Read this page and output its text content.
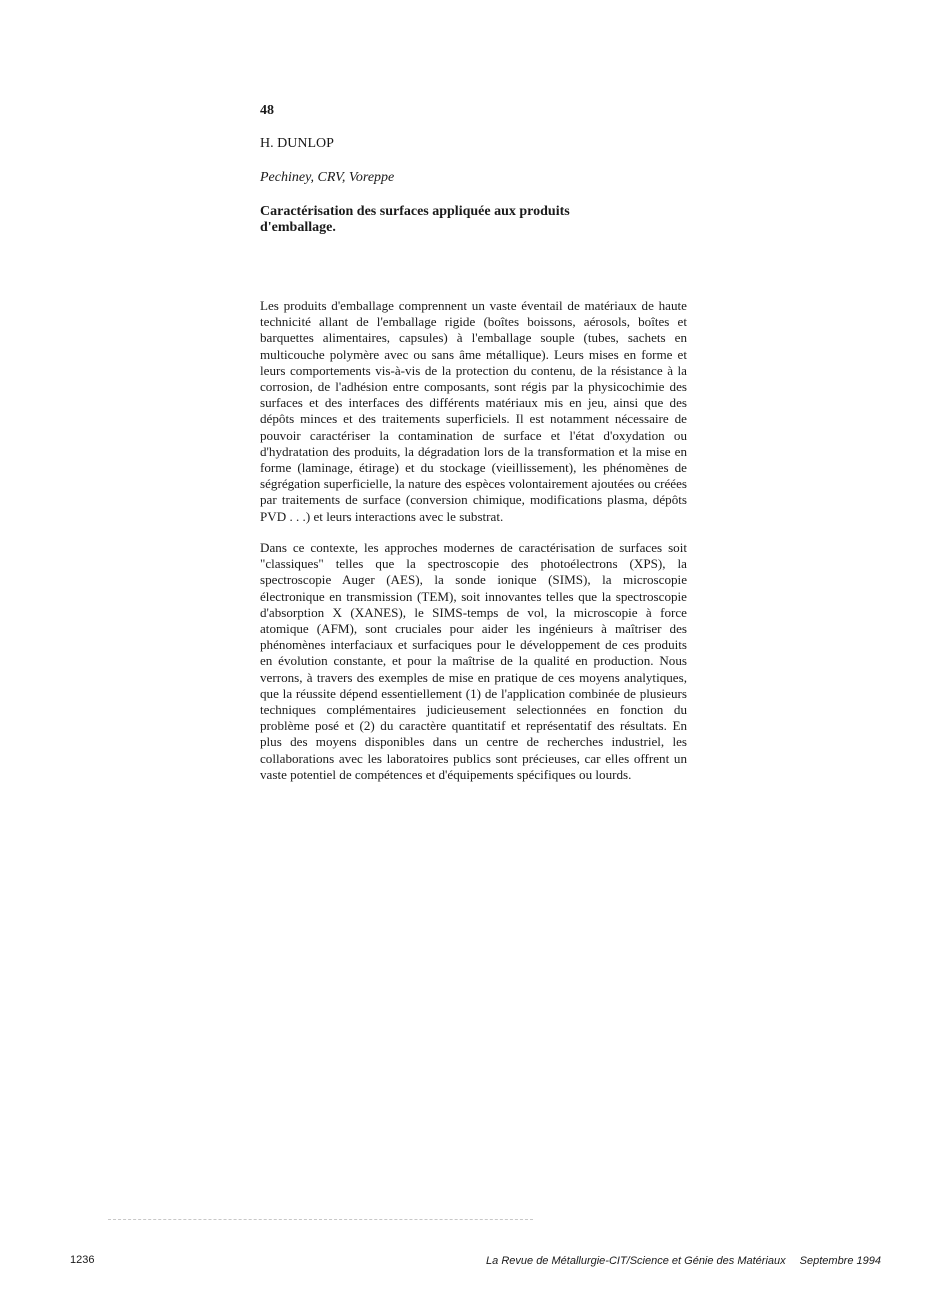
48
H. DUNLOP
Pechiney, CRV, Voreppe
Caractérisation des surfaces appliquée aux produits d'emballage.

Les produits d'emballage comprennent un vaste éventail de matériaux de haute technicité allant de l'emballage rigide (boîtes boissons, aérosols, boîtes et barquettes alimentaires, capsules) à l'emballage souple (tubes, sachets en multicouche polymère avec ou sans âme métallique). Leurs mises en forme et leurs comportements vis-à-vis de la protection du contenu, de la résistance à la corrosion, de l'adhésion entre composants, sont régis par la physicochimie des surfaces et des interfaces des différents matériaux mis en jeu, ainsi que des dépôts minces et des traitements superficiels. Il est notamment nécessaire de pouvoir caractériser la contamination de surface et l'état d'oxydation ou d'hydratation des produits, la dégradation lors de la transformation et la mise en forme (laminage, étirage) et du stockage (vieillissement), les phénomènes de ségrégation superficielle, la nature des espèces volontairement ajoutées ou créées par traitements de surface (conversion chimique, modifications plasma, dépôts PVD . . .) et leurs interactions avec le substrat.

Dans ce contexte, les approches modernes de caractérisation de surfaces soit "classiques" telles que la spectroscopie des photoélectrons (XPS), la spectroscopie Auger (AES), la sonde ionique (SIMS), la microscopie électronique en transmission (TEM), soit innovantes telles que la spectroscopie d'absorption X (XANES), le SIMS-temps de vol, la microscopie à force atomique (AFM), sont cruciales pour aider les ingénieurs à maîtriser des phénomènes interfaciaux et surfaciques pour le développement de ces produits en évolution constante, et pour la maîtrise de la qualité en production. Nous verrons, à travers des exemples de mise en pratique de ces moyens analytiques, que la réussite dépend essentiellement (1) de l'application combinée de plusieurs techniques complémentaires judicieusement selectionnées en fonction du problème posé et (2) du caractère quantitatif et représentatif des résultats. En plus des moyens disponibles dans un centre de recherches industriel, les collaborations avec les laboratoires publics sont précieuses, car elles offrent un vaste potentiel de compétences et d'équipements spécifiques ou lourds.

1236	La Revue de Métallurgie-CIT/Science et Génie des Matériaux Septembre 1994
